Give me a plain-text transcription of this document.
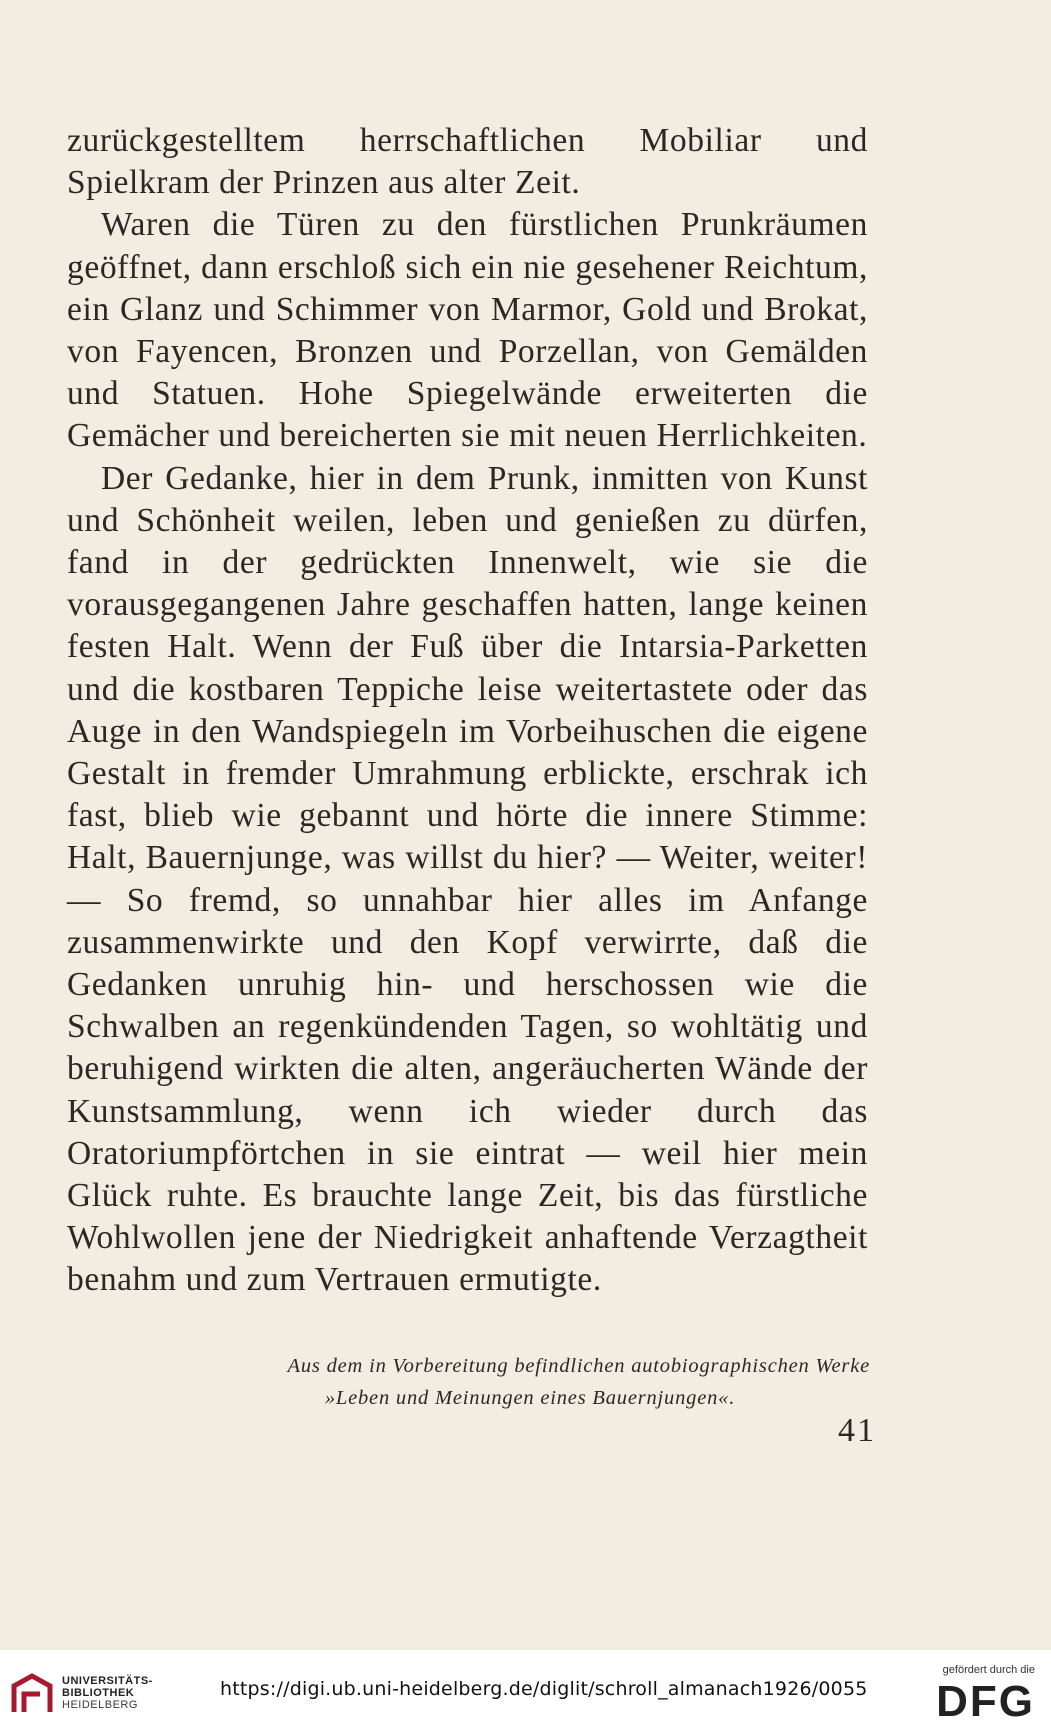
zurückgestelltem herrschaftlichen Mobiliar und Spielkram der Prinzen aus alter Zeit.

Waren die Türen zu den fürstlichen Prunkräumen geöffnet, dann erschloß sich ein nie gesehener Reichtum, ein Glanz und Schimmer von Marmor, Gold und Brokat, von Fayencen, Bronzen und Porzellan, von Gemälden und Statuen. Hohe Spiegelwände erweiterten die Gemächer und bereicherten sie mit neuen Herrlichkeiten.

Der Gedanke, hier in dem Prunk, inmitten von Kunst und Schönheit weilen, leben und genießen zu dürfen, fand in der gedrückten Innenwelt, wie sie die vorausgegangenen Jahre geschaffen hatten, lange keinen festen Halt. Wenn der Fuß über die Intarsia-Parketten und die kostbaren Teppiche leise weitertastete oder das Auge in den Wandspiegeln im Vorbeihuschen die eigene Gestalt in fremder Umrahmung erblickte, erschrak ich fast, blieb wie gebannt und hörte die innere Stimme: Halt, Bauernjunge, was willst du hier? — Weiter, weiter! — So fremd, so unnahbar hier alles im Anfange zusammenwirkte und den Kopf verwirrte, daß die Gedanken unruhig hin- und herschossen wie die Schwalben an regenkündenden Tagen, so wohltätig und beruhigend wirkten die alten, angeräucherten Wände der Kunstsammlung, wenn ich wieder durch das Oratoriumpförtchen in sie eintrat — weil hier mein Glück ruhte. Es brauchte lange Zeit, bis das fürstliche Wohlwollen jene der Niedrigkeit anhaftende Verzagtheit benahm und zum Vertrauen ermutigte.

Aus dem in Vorbereitung befindlichen autobiographischen Werke
»Leben und Meinungen eines Bauernjungen«.
41
UNIVERSITÄTS-
BIBLIOTHEK
HEIDELBERG
https://digi.ub.uni-heidelberg.de/diglit/schroll_almanach1926/0055
gefördert durch die
DFG
